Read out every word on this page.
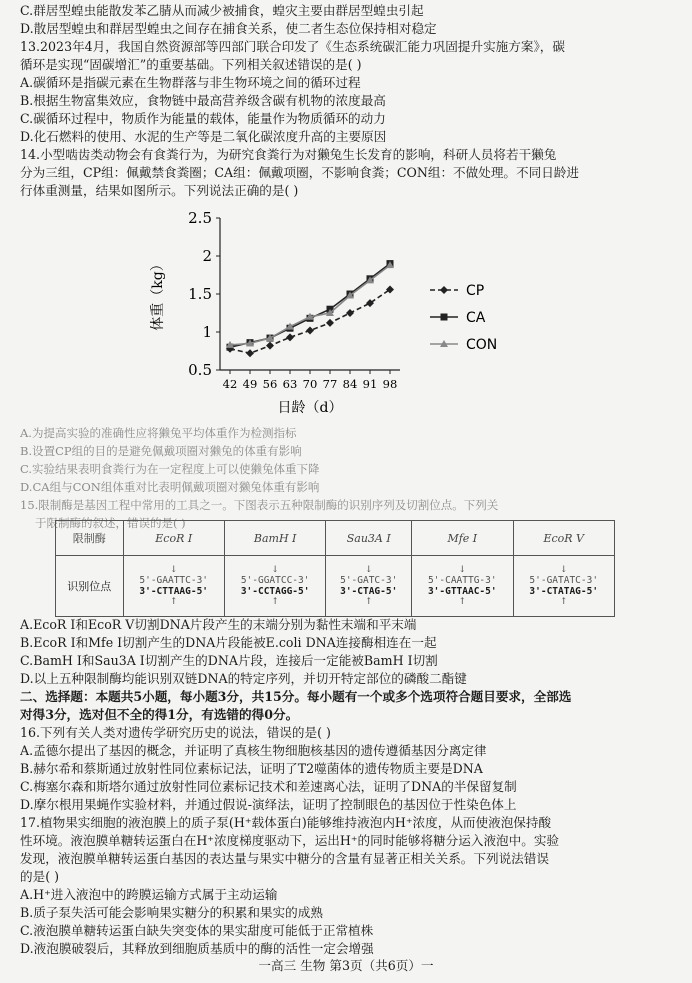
C.群居型蝗虫能散发苯乙腈从而减少被捕食，蝗灾主要由群居型蝗虫引起
D.散居型蝗虫和群居型蝗虫之间存在捕食关系，使二者生态位保持相对稳定
13.2023年4月，我国自然资源部等四部门联合印发了《生态系统碳汇能力巩固提升实施方案》，碳
循环是实现“固碳增汇”的重要基础。下列相关叙述错误的是( )
A.碳循环是指碳元素在生物群落与非生物环境之间的循环过程
B.根据生物富集效应，食物链中最高营养级含碳有机物的浓度最高
C.碳循环过程中，物质作为能量的载体，能量作为物质循环的动力
D.化石燃料的使用、水泥的生产等是二氧化碳浓度升高的主要原因
14.小型啮齿类动物会有食粪行为，为研究食粪行为对獭兔生长发育的影响，科研人员将若干獭兔
分为三组，CP组：佩戴禁食粪圈；CA组：佩戴项圈，不影响食粪；CON组：不做处理。不同日龄进
行体重测量，结果如图所示。下列说法正确的是( )
0.5
1
1.5
2
2.5
42 49 56 63 70 77 84 91 98
体重（kg）
日龄（d）
CP
CA
CON
A.为提高实验的准确性应将獭兔平均体重作为检测指标
B.设置CP组的目的是避免佩戴项圈对獭兔的体重有影响
C.实验结果表明食粪行为在一定程度上可以使獭兔体重下降
D.CA组与CON组体重对比表明佩戴项圈对獭兔体重有影响
15.限制酶是基因工程中常用的工具之一。下图表示五种限制酶的识别序列及切割位点。下列关
于限制酶的叙述，错误的是( )
限制酶	EcoR I	BamH I	Sau3A I	Mfe I	EcoR V
识别位点	↓
5'-GAATTC-3'
3'-CTTAAG-5'
↑	↓
5'-GGATCC-3'
3'-CCTAGG-5'
↑	↓
5'-GATC-3'
3'-CTAG-5'
↑	↓
5'-CAATTG-3'
3'-GTTAAC-5'
↑	↓
5'-GATATC-3'
3'-CTATAG-5'
↑
A.EcoR I和EcoR V切割DNA片段产生的末端分别为黏性末端和平末端
B.EcoR I和Mfe I切割产生的DNA片段能被E.coli DNA连接酶相连在一起
C.BamH I和Sau3A I切割产生的DNA片段，连接后一定能被BamH I切割
D.以上五种限制酶均能识别双链DNA的特定序列，并切开特定部位的磷酸二酯键
二、选择题：本题共5小题，每小题3分，共15分。每小题有一个或多个选项符合题目要求，全部选
对得3分，选对但不全的得1分，有选错的得0分。
16.下列有关人类对遗传学研究历史的说法，错误的是( )
A.孟德尔提出了基因的概念，并证明了真核生物细胞核基因的遗传遵循基因分离定律
B.赫尔希和蔡斯通过放射性同位素标记法，证明了T2噬菌体的遗传物质主要是DNA
C.梅塞尔森和斯塔尔通过放射性同位素标记技术和差速离心法，证明了DNA的半保留复制
D.摩尔根用果蝇作实验材料，并通过假说-演绎法，证明了控制眼色的基因位于性染色体上
17.植物果实细胞的液泡膜上的质子泵(H⁺载体蛋白)能够维持液泡内H⁺浓度，从而使液泡保持酸
性环境。液泡膜单糖转运蛋白在H⁺浓度梯度驱动下，运出H⁺的同时能够将糖分运入液泡中。实验
发现，液泡膜单糖转运蛋白基因的表达量与果实中糖分的含量有显著正相关关系。下列说法错误
的是( )
A.H⁺进入液泡中的跨膜运输方式属于主动运输
B.质子泵失活可能会影响果实糖分的积累和果实的成熟
C.液泡膜单糖转运蛋白缺失突变体的果实甜度可能低于正常植株
D.液泡膜破裂后，其释放到细胞质基质中的酶的活性一定会增强
一高三 生物 第3页（共6页）一
